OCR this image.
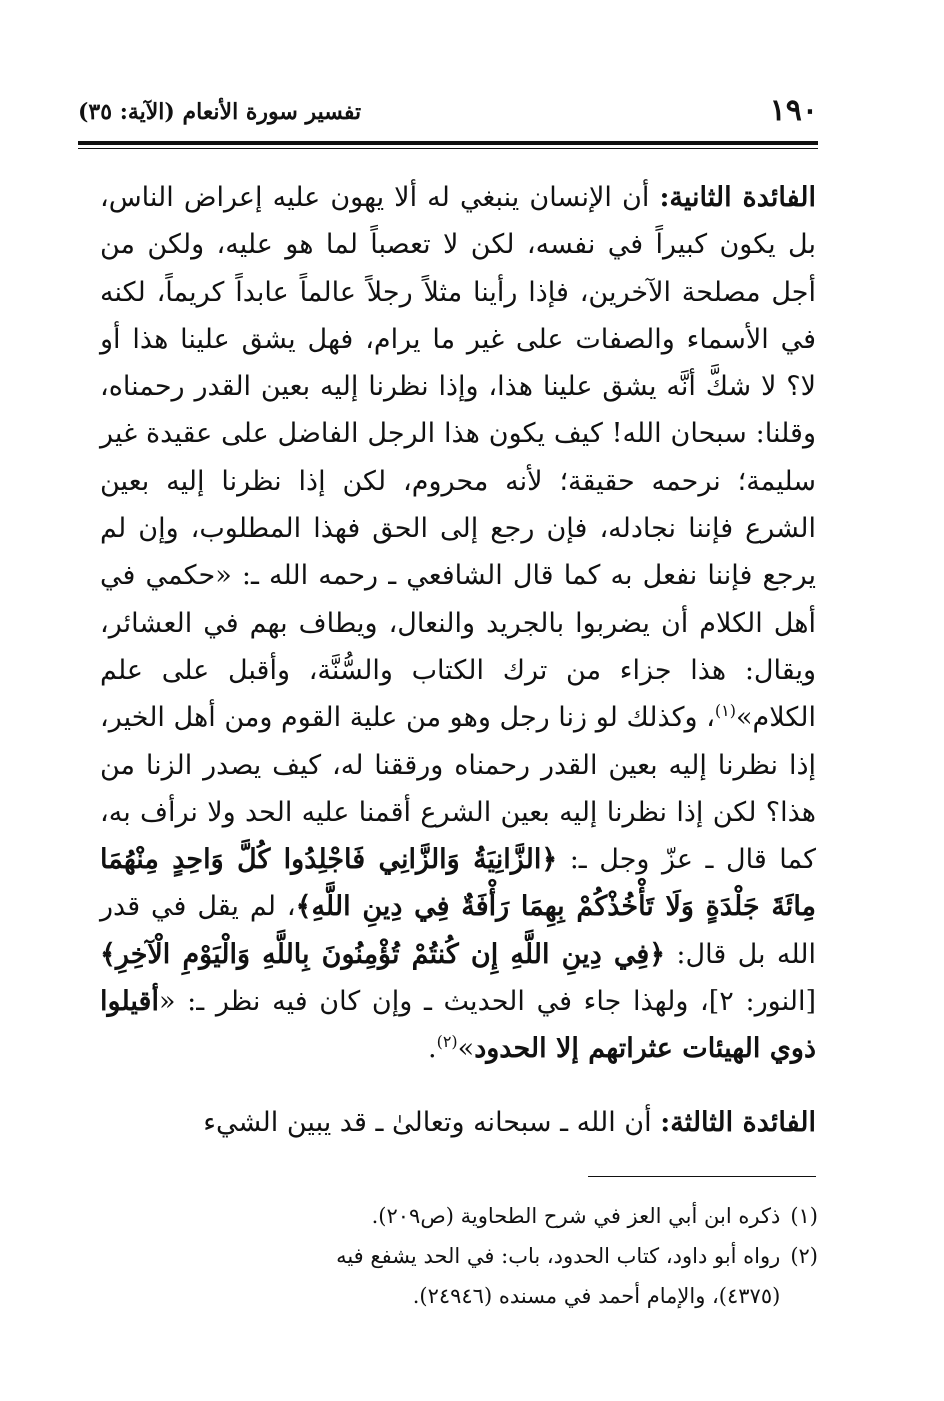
١٩٠
تفسير سورة الأنعام (الآية: ٣٥)

الفائدة الثانية: أن الإنسان ينبغي له ألا يهون عليه إعراض الناس، بل يكون كبيراً في نفسه، لكن لا تعصباً لما هو عليه، ولكن من أجل مصلحة الآخرين، فإذا رأينا مثلاً رجلاً عالماً عابداً كريماً، لكنه في الأسماء والصفات على غير ما يرام، فهل يشق علينا هذا أو لا؟ لا شكَّ أنَّه يشق علينا هذا، وإذا نظرنا إليه بعين القدر رحمناه، وقلنا: سبحان الله! كيف يكون هذا الرجل الفاضل على عقيدة غير سليمة؛ نرحمه حقيقة؛ لأنه محروم، لكن إذا نظرنا إليه بعين الشرع فإننا نجادله، فإن رجع إلى الحق فهذا المطلوب، وإن لم يرجع فإننا نفعل به كما قال الشافعي ـ رحمه الله ـ: «حكمي في أهل الكلام أن يضربوا بالجريد والنعال، ويطاف بهم في العشائر، ويقال: هذا جزاء من ترك الكتاب والسُّنَّة، وأقبل على علم الكلام»$^{(١)}$، وكذلك لو زنا رجل وهو من علية القوم ومن أهل الخير، إذا نظرنا إليه بعين القدر رحمناه ورققنا له، كيف يصدر الزنا من هذا؟ لكن إذا نظرنا إليه بعين الشرع أقمنا عليه الحد ولا نرأف به، كما قال ـ عزّ وجل ـ: ﴿الزَّانِيَةُ وَالزَّانِي فَاجْلِدُوا كُلَّ وَاحِدٍ مِنْهُمَا مِائَةَ جَلْدَةٍ وَلَا تَأْخُذْكُمْ بِهِمَا رَأْفَةٌ فِي دِينِ اللَّهِ﴾، لم يقل في قدر الله بل قال: ﴿فِي دِينِ اللَّهِ إِن كُنتُمْ تُؤْمِنُونَ بِاللَّهِ وَالْيَوْمِ الْآخِرِ﴾ [النور: ٢]، ولهذا جاء في الحديث ـ وإن كان فيه نظر ـ: «أقيلوا ذوي الهيئات عثراتهم إلا الحدود»$^{(٢)}$.

الفائدة الثالثة: أن الله ـ سبحانه وتعالىٰ ـ قد يبين الشيء

(١)
ذكره ابن أبي العز في شرح الطحاوية (ص٢٠٩).

(٢)
رواه أبو داود، كتاب الحدود، باب: في الحد يشفع فيه (٤٣٧٥)، والإمام أحمد في مسنده (٢٤٩٤٦).
